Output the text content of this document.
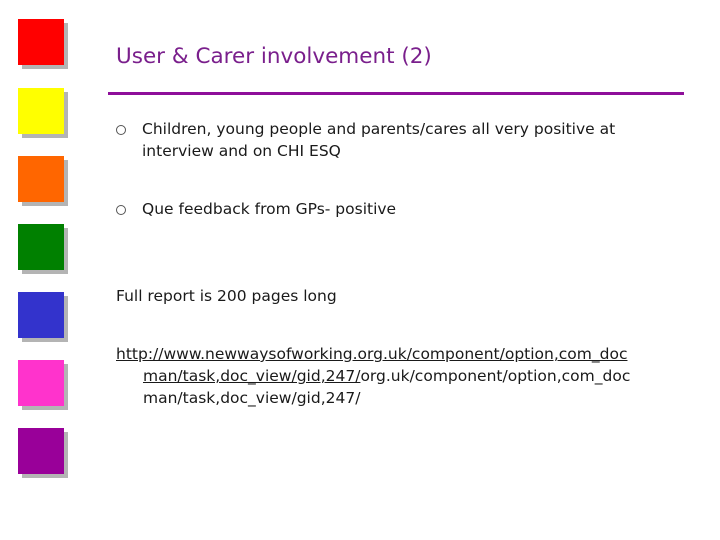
User & Carer involvement (2)
Children, young people and parents/cares all very positive at interview and on CHI ESQ
Que feedback from GPs- positive
Full report is 200 pages long
http://www.newwaysofworking.org.uk/component/option,com_doc man/task,doc_view/gid,247/org.uk/component/option,com_doc man/task,doc_view/gid,247/
